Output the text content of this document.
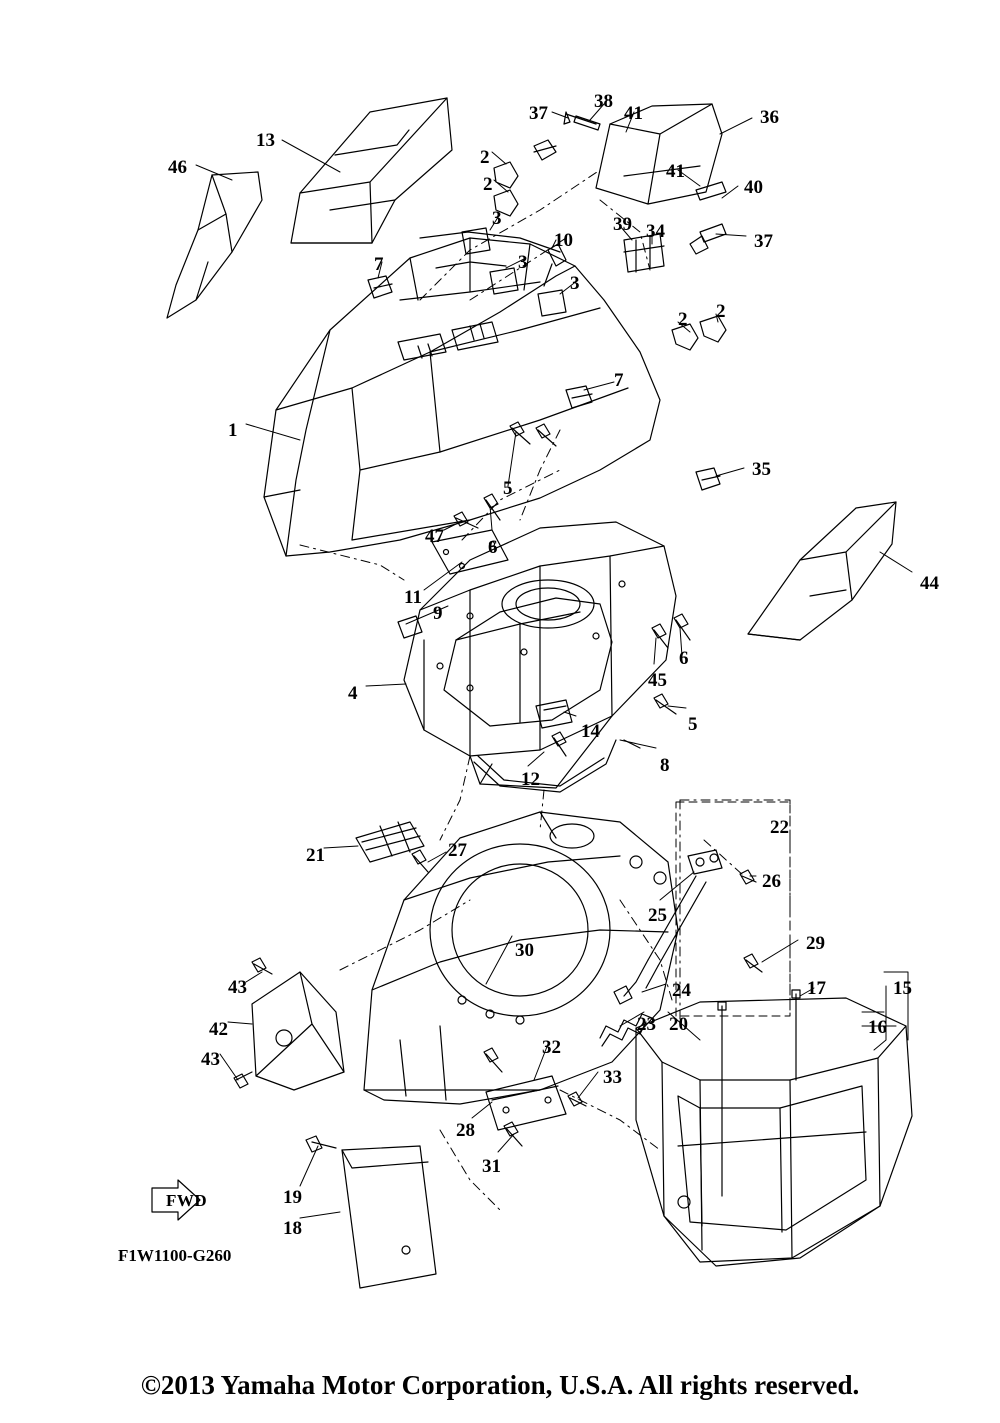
FWD
F1W1100-G260
46
13
37
38
41	36
2
2
41
40
3
10
39 34	37
7	3
3
2 2
7
1
35
5
47
6
44
11
9
45
6
4
14	5
8
12
22
21	27
26
25
29
30
24	17	15
43
23	16
42	20
43
32
33
28
31
19
18
©2013 Yamaha Motor Corporation, U.S.A. All rights reserved.
